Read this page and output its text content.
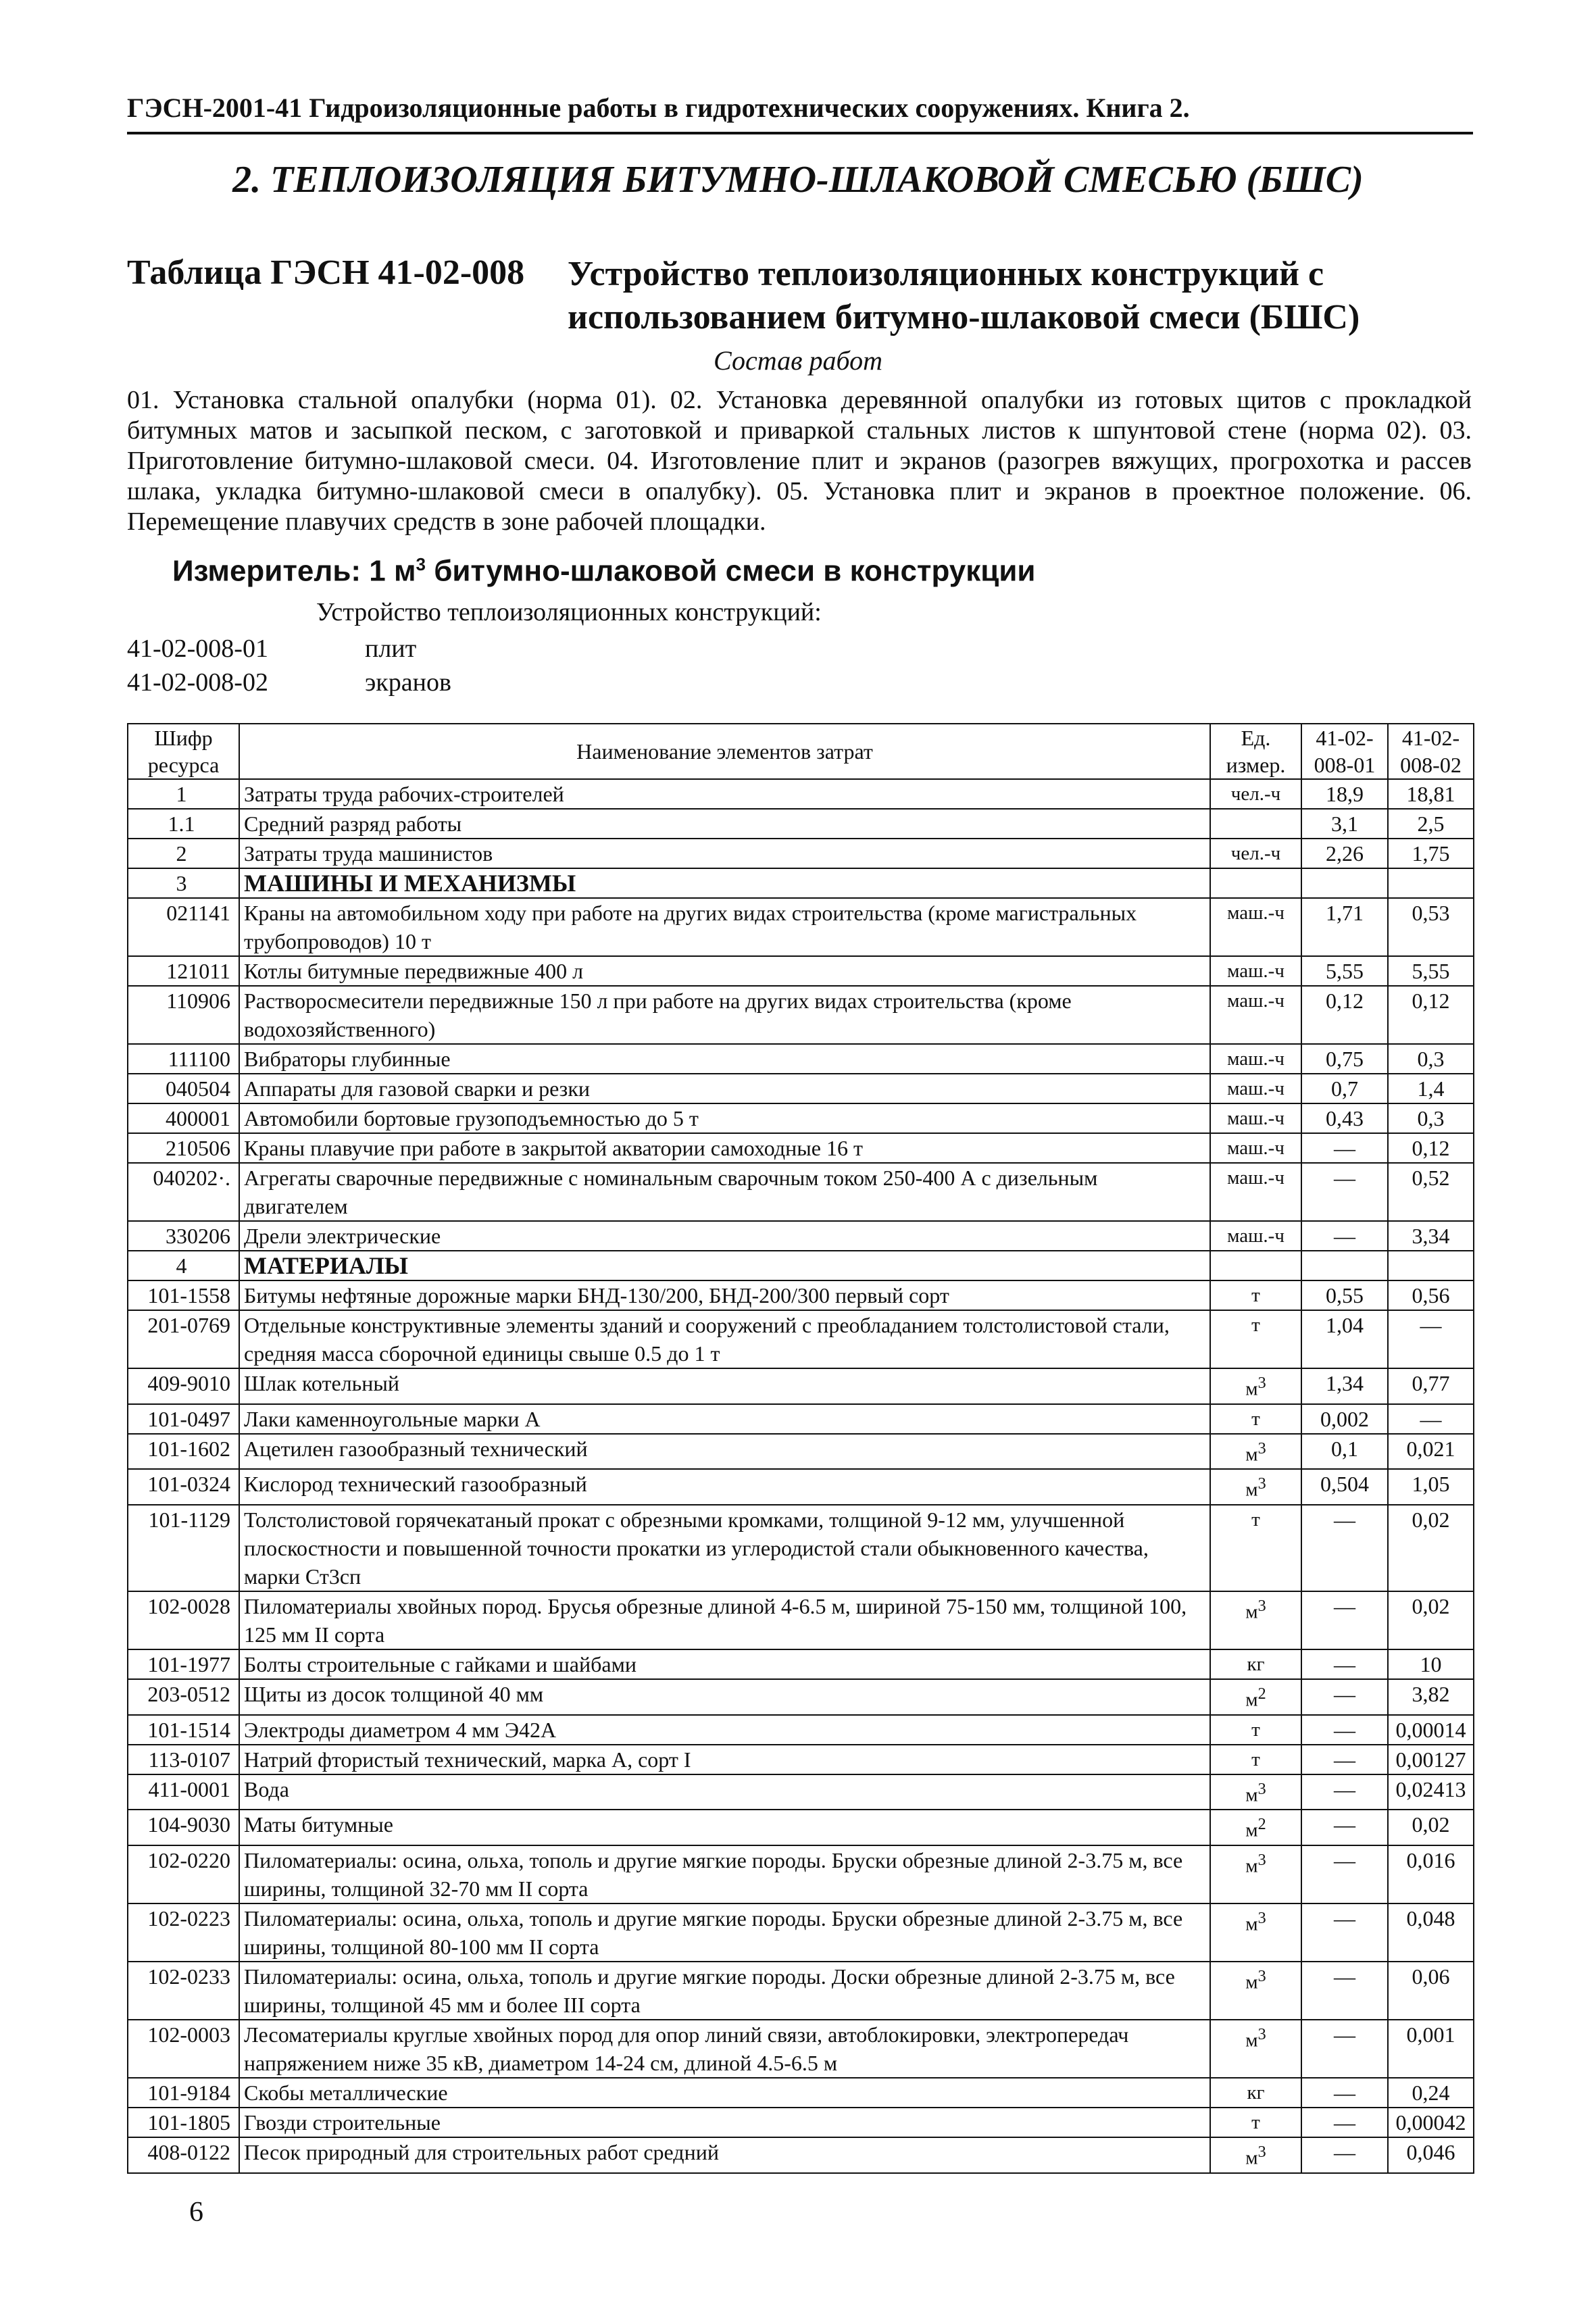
ГЭСН-2001-41 Гидроизоляционные работы в гидротехнических сооружениях. Книга 2.
2. ТЕПЛОИЗОЛЯЦИЯ БИТУМНО-ШЛАКОВОЙ СМЕСЬЮ (БШС)
Таблица ГЭСН 41-02-008 Устройство теплоизоляционных конструкций с использованием битумно-шлаковой смеси (БШС)
Состав работ
01. Установка стальной опалубки (норма 01). 02. Установка деревянной опалубки из готовых щитов с прокладкой битумных матов и засыпкой песком, с заготовкой и приваркой стальных листов к шпунтовой стене (норма 02). 03. Приготовление битумно-шлаковой смеси. 04. Изготовление плит и экранов (разогрев вяжущих, прогрохотка и рассев шлака, укладка битумно-шлаковой смеси в опалубку). 05. Установка плит и экранов в проектное положение. 06. Перемещение плавучих средств в зоне рабочей площадки.
Измеритель: 1 $м^3$ битумно-шлаковой смеси в конструкции
Устройство теплоизоляционных конструкций:
41-02-008-01	плит
41-02-008-02	экранов
Шифр ресурса	Наименование элементов затрат	Ед. измер.	41-02-008-01	41-02-008-02
1	Затраты труда рабочих-строителей	чел.-ч	18,9	18,81
1.1	Средний разряд работы		3,1	2,5
2	Затраты труда машинистов	чел.-ч	2,26	1,75
3	МАШИНЫ И МЕХАНИЗМЫ			
021141	Краны на автомобильном ходу при работе на других видах строительства (кроме магистральных трубопроводов) 10 т	маш.-ч	1,71	0,53
121011	Котлы битумные передвижные 400 л	маш.-ч	5,55	5,55
110906	Растворосмесители передвижные 150 л при работе на других видах строительства (кроме водохозяйственного)	маш.-ч	0,12	0,12
111100	Вибраторы глубинные	маш.-ч	0,75	0,3
040504	Аппараты для газовой сварки и резки	маш.-ч	0,7	1,4
400001	Автомобили бортовые грузоподъемностью до 5 т	маш.-ч	0,43	0,3
210506	Краны плавучие при работе в закрытой акватории самоходные 16 т	маш.-ч	—	0,12
040202·.	Агрегаты сварочные передвижные с номинальным сварочным током 250-400 А с дизельным двигателем	маш.-ч	—	0,52
330206	Дрели электрические	маш.-ч	—	3,34
4	МАТЕРИАЛЫ			
101-1558	Битумы нефтяные дорожные марки БНД-130/200, БНД-200/300 первый сорт	т	0,55	0,56
201-0769	Отдельные конструктивные элементы зданий и сооружений с преобладанием толстолистовой стали, средняя масса сборочной единицы свыше 0.5 до 1 т	т	1,04	—
409-9010	Шлак котельный	$м^3$	1,34	0,77
101-0497	Лаки каменноугольные марки А	т	0,002	—
101-1602	Ацетилен газообразный технический	$м^3$	0,1	0,021
101-0324	Кислород технический газообразный	$м^3$	0,504	1,05
101-1129	Толстолистовой горячекатаный прокат с обрезными кромками, толщиной 9-12 мм, улучшенной плоскостности и повышенной точности прокатки из углеродистой стали обыкновенного качества, марки Ст3сп	т	—	0,02
102-0028	Пиломатериалы хвойных пород. Брусья обрезные длиной 4-6.5 м, шириной 75-150 мм, толщиной 100, 125 мм II сорта	$м^3$	—	0,02
101-1977	Болты строительные с гайками и шайбами	кг	—	10
203-0512	Щиты из досок толщиной 40 мм	$м^2$	—	3,82
101-1514	Электроды диаметром 4 мм Э42А	т	—	0,00014
113-0107	Натрий фтористый технический, марка А, сорт I	т	—	0,00127
411-0001	Вода	$м^3$	—	0,02413
104-9030	Маты битумные	$м^2$	—	0,02
102-0220	Пиломатериалы: осина, ольха, тополь и другие мягкие породы. Бруски обрезные длиной 2-3.75 м, все ширины, толщиной 32-70 мм II сорта	$м^3$	—	0,016
102-0223	Пиломатериалы: осина, ольха, тополь и другие мягкие породы. Бруски обрезные длиной 2-3.75 м, все ширины, толщиной 80-100 мм II сорта	$м^3$	—	0,048
102-0233	Пиломатериалы: осина, ольха, тополь и другие мягкие породы. Доски обрезные длиной 2-3.75 м, все ширины, толщиной 45 мм и более III сорта	$м^3$	—	0,06
102-0003	Лесоматериалы круглые хвойных пород для опор линий связи, автоблокировки, электропередач напряжением ниже 35 кВ, диаметром 14-24 см, длиной 4.5-6.5 м	$м^3$	—	0,001
101-9184	Скобы металлические	кг	—	0,24
101-1805	Гвозди строительные	т	—	0,00042
408-0122	Песок природный для строительных работ средний	$м^3$	—	0,046
6
